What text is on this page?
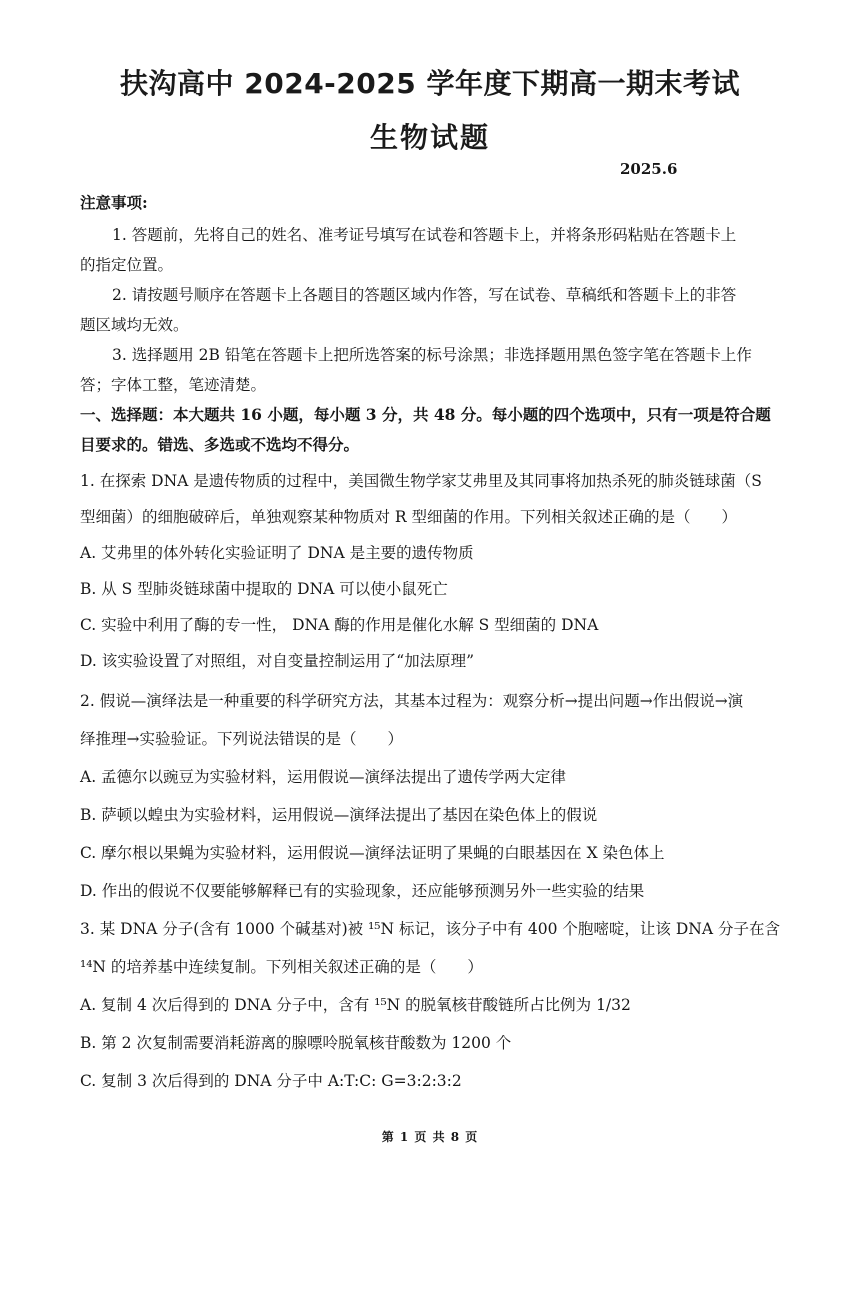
扶沟高中 2024-2025 学年度下期高一期末考试
生物试题
2025.6
注意事项:
1. 答题前，先将自己的姓名、准考证号填写在试卷和答题卡上，并将条形码粘贴在答题卡上
的指定位置。
2. 请按题号顺序在答题卡上各题目的答题区域内作答，写在试卷、草稿纸和答题卡上的非答
题区域均无效。
3. 选择题用 2B 铅笔在答题卡上把所选答案的标号涂黑；非选择题用黑色签字笔在答题卡上作
答；字体工整，笔迹清楚。
一、选择题：本大题共 16 小题，每小题 3 分，共 48 分。每小题的四个选项中，只有一项是符合题
目要求的。错选、多选或不选均不得分。
1. 在探索 DNA 是遗传物质的过程中，美国微生物学家艾弗里及其同事将加热杀死的肺炎链球菌（S
型细菌）的细胞破碎后，单独观察某种物质对 R 型细菌的作用。下列相关叙述正确的是（　　）
A. 艾弗里的体外转化实验证明了 DNA 是主要的遗传物质
B. 从 S 型肺炎链球菌中提取的 DNA 可以使小鼠死亡
C. 实验中利用了酶的专一性， DNA 酶的作用是催化水解 S 型细菌的 DNA
D. 该实验设置了对照组，对自变量控制运用了“加法原理”
2. 假说—演绎法是一种重要的科学研究方法，其基本过程为：观察分析→提出问题→作出假说→演
绎推理→实验验证。下列说法错误的是（　　）
A. 孟德尔以豌豆为实验材料，运用假说—演绎法提出了遗传学两大定律
B. 萨顿以蝗虫为实验材料，运用假说—演绎法提出了基因在染色体上的假说
C. 摩尔根以果蝇为实验材料，运用假说—演绎法证明了果蝇的白眼基因在 X 染色体上
D. 作出的假说不仅要能够解释已有的实验现象，还应能够预测另外一些实验的结果
3. 某 DNA 分子(含有 1000 个碱基对)被 ¹⁵N 标记，该分子中有 400 个胞嘧啶，让该 DNA 分子在含
¹⁴N 的培养基中连续复制。下列相关叙述正确的是（　　）
A. 复制 4 次后得到的 DNA 分子中，含有 ¹⁵N 的脱氧核苷酸链所占比例为 1/32
B. 第 2 次复制需要消耗游离的腺嘌呤脱氧核苷酸数为 1200 个
C. 复制 3 次后得到的 DNA 分子中 A:T:C: G=3:2:3:2
第 1 页 共 8 页
